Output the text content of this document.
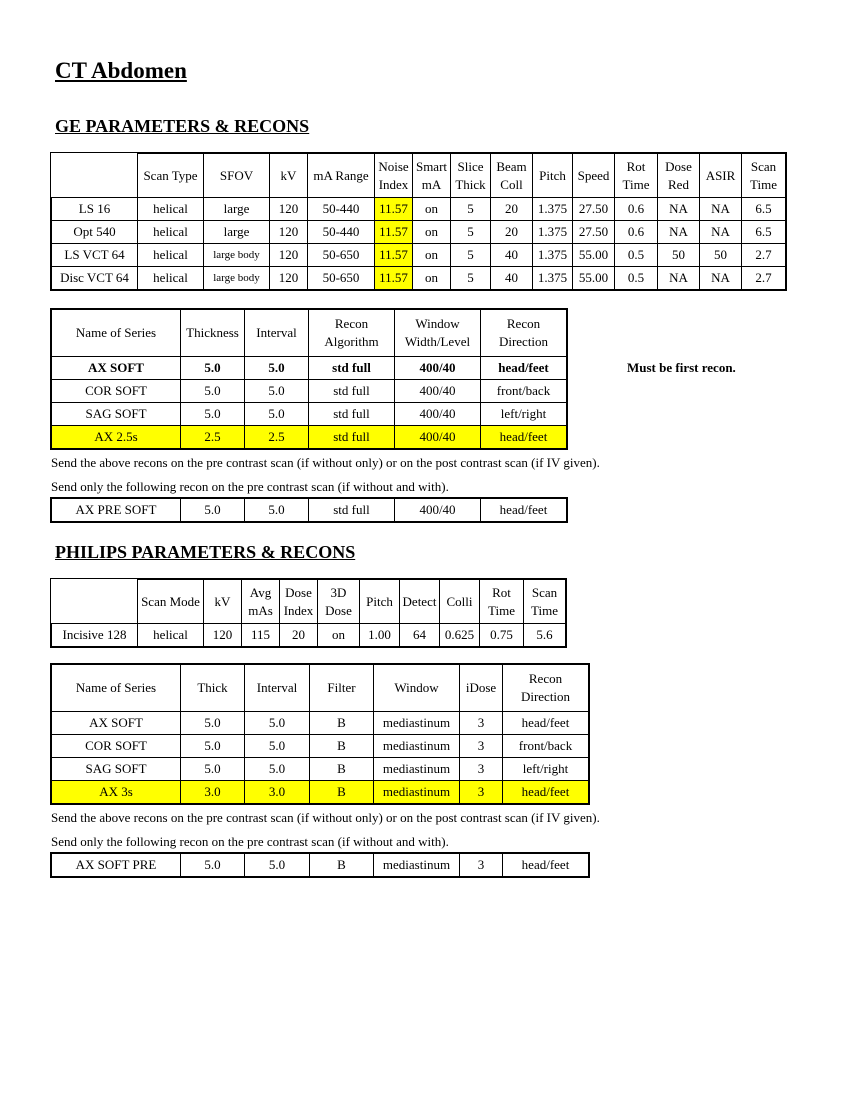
CT Abdomen
GE PARAMETERS & RECONS
	Scan Type	SFOV	kV	mA Range	Noise Index	Smart mA	Slice Thick	Beam Coll	Pitch	Speed	Rot Time	Dose Red	ASIR	Scan Time
LS 16	helical	large	120	50-440	11.57	on	5	20	1.375	27.50	0.6	NA	NA	6.5
Opt 540	helical	large	120	50-440	11.57	on	5	20	1.375	27.50	0.6	NA	NA	6.5
LS VCT 64	helical	large body	120	50-650	11.57	on	5	40	1.375	55.00	0.5	50	50	2.7
Disc VCT 64	helical	large body	120	50-650	11.57	on	5	40	1.375	55.00	0.5	NA	NA	2.7
Name of Series	Thickness	Interval	Recon Algorithm	Window Width/Level	Recon Direction
AX SOFT	5.0	5.0	std full	400/40	head/feet
COR SOFT	5.0	5.0	std full	400/40	front/back
SAG SOFT	5.0	5.0	std full	400/40	left/right
AX 2.5s	2.5	2.5	std full	400/40	head/feet
Must be first recon.
Send the above recons on the pre contrast scan (if without only) or on the post contrast scan (if IV given).
Send only the following recon on the pre contrast scan (if without and with).
AX PRE SOFT	5.0	5.0	std full	400/40	head/feet
PHILIPS PARAMETERS & RECONS
	Scan Mode	kV	Avg mAs	Dose Index	3D Dose	Pitch	Detect	Colli	Rot Time	Scan Time
Incisive 128	helical	120	115	20	on	1.00	64	0.625	0.75	5.6
Name of Series	Thick	Interval	Filter	Window	iDose	Recon Direction
AX SOFT	5.0	5.0	B	mediastinum	3	head/feet
COR SOFT	5.0	5.0	B	mediastinum	3	front/back
SAG SOFT	5.0	5.0	B	mediastinum	3	left/right
AX 3s	3.0	3.0	B	mediastinum	3	head/feet
Send the above recons on the pre contrast scan (if without only) or on the post contrast scan (if IV given).
Send only the following recon on the pre contrast scan (if without and with).
AX SOFT PRE	5.0	5.0	B	mediastinum	3	head/feet
